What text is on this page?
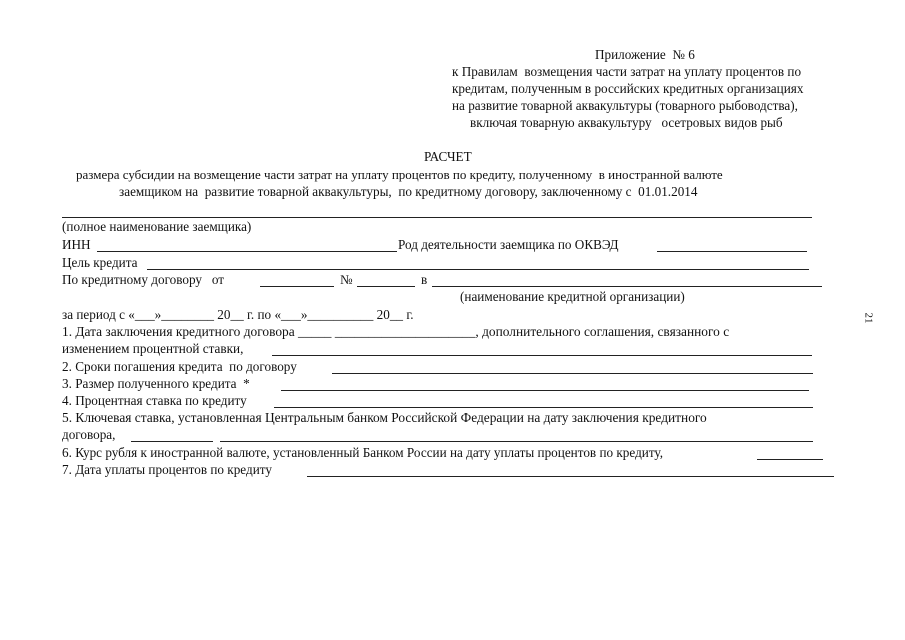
Приложение  № 6
к Правилам  возмещения части затрат на уплату процентов по
кредитам, полученным в российских кредитных организациях
на развитие товарной аквакультуры (товарного рыбоводства),
включая товарную аквакультуру   осетровых видов рыб
РАСЧЕТ
размера субсидии на возмещение части затрат на уплату процентов по кредиту, полученному  в иностранной валюте
заемщиком на  развитие товарной аквакультуры,  по кредитному договору, заключенному с  01.01.2014
(полное наименование заемщика)
ИНН	Род деятельности заемщика по ОКВЭД
Цель кредита
По кредитному договору   от	№	в
(наименование кредитной организации)
за период с «___»________ 20__ г. по «___»__________ 20__ г.
1. Дата заключения кредитного договора _____ _____________________, дополнительного соглашения, связанного с
изменением процентной ставки,
2. Сроки погашения кредита  по договору
3. Размер полученного кредита  *
4. Процентная ставка по кредиту
5. Ключевая ставка, установленная Центральным банком Российской Федерации на дату заключения кредитного
договора,
6. Курс рубля к иностранной валюте, установленный Банком России на дату уплаты процентов по кредиту,
7. Дата уплаты процентов по кредиту
21
